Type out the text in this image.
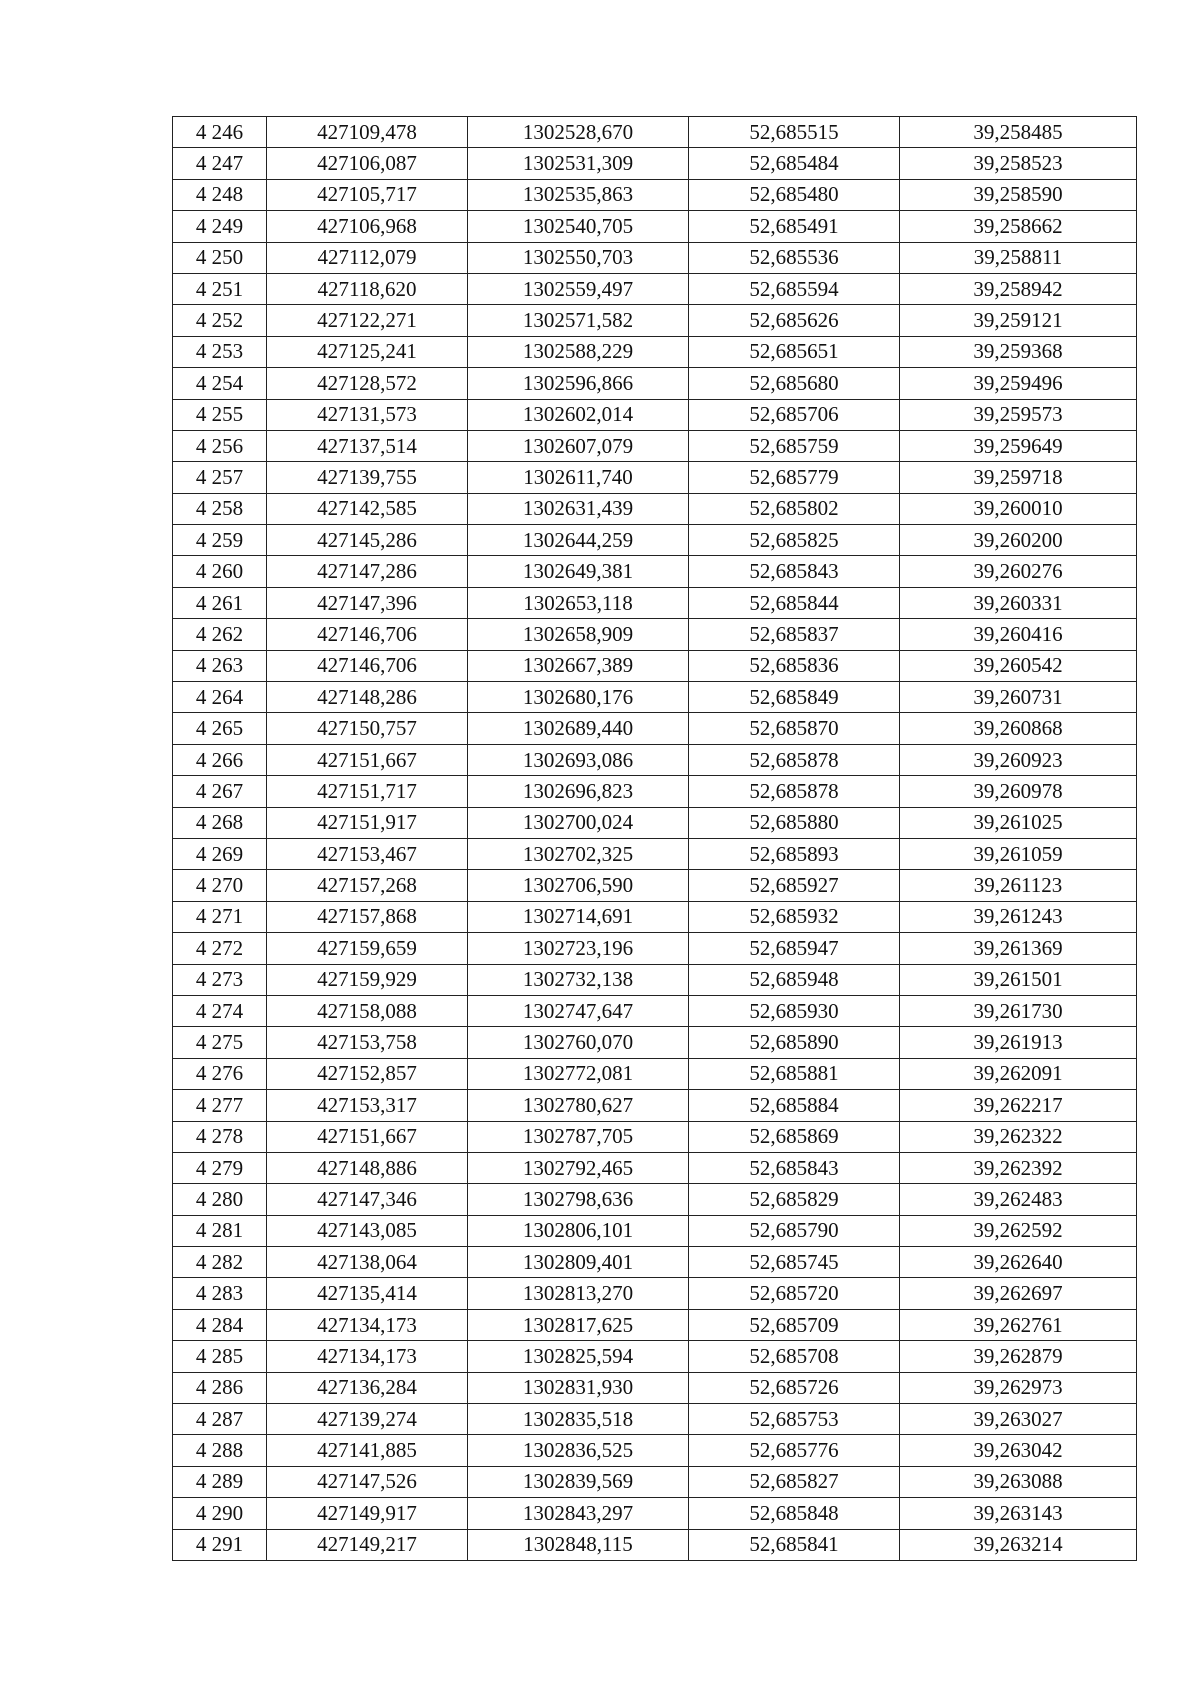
4 246	427109,478	1302528,670	52,685515	39,258485
4 247	427106,087	1302531,309	52,685484	39,258523
4 248	427105,717	1302535,863	52,685480	39,258590
4 249	427106,968	1302540,705	52,685491	39,258662
4 250	427112,079	1302550,703	52,685536	39,258811
4 251	427118,620	1302559,497	52,685594	39,258942
4 252	427122,271	1302571,582	52,685626	39,259121
4 253	427125,241	1302588,229	52,685651	39,259368
4 254	427128,572	1302596,866	52,685680	39,259496
4 255	427131,573	1302602,014	52,685706	39,259573
4 256	427137,514	1302607,079	52,685759	39,259649
4 257	427139,755	1302611,740	52,685779	39,259718
4 258	427142,585	1302631,439	52,685802	39,260010
4 259	427145,286	1302644,259	52,685825	39,260200
4 260	427147,286	1302649,381	52,685843	39,260276
4 261	427147,396	1302653,118	52,685844	39,260331
4 262	427146,706	1302658,909	52,685837	39,260416
4 263	427146,706	1302667,389	52,685836	39,260542
4 264	427148,286	1302680,176	52,685849	39,260731
4 265	427150,757	1302689,440	52,685870	39,260868
4 266	427151,667	1302693,086	52,685878	39,260923
4 267	427151,717	1302696,823	52,685878	39,260978
4 268	427151,917	1302700,024	52,685880	39,261025
4 269	427153,467	1302702,325	52,685893	39,261059
4 270	427157,268	1302706,590	52,685927	39,261123
4 271	427157,868	1302714,691	52,685932	39,261243
4 272	427159,659	1302723,196	52,685947	39,261369
4 273	427159,929	1302732,138	52,685948	39,261501
4 274	427158,088	1302747,647	52,685930	39,261730
4 275	427153,758	1302760,070	52,685890	39,261913
4 276	427152,857	1302772,081	52,685881	39,262091
4 277	427153,317	1302780,627	52,685884	39,262217
4 278	427151,667	1302787,705	52,685869	39,262322
4 279	427148,886	1302792,465	52,685843	39,262392
4 280	427147,346	1302798,636	52,685829	39,262483
4 281	427143,085	1302806,101	52,685790	39,262592
4 282	427138,064	1302809,401	52,685745	39,262640
4 283	427135,414	1302813,270	52,685720	39,262697
4 284	427134,173	1302817,625	52,685709	39,262761
4 285	427134,173	1302825,594	52,685708	39,262879
4 286	427136,284	1302831,930	52,685726	39,262973
4 287	427139,274	1302835,518	52,685753	39,263027
4 288	427141,885	1302836,525	52,685776	39,263042
4 289	427147,526	1302839,569	52,685827	39,263088
4 290	427149,917	1302843,297	52,685848	39,263143
4 291	427149,217	1302848,115	52,685841	39,263214
